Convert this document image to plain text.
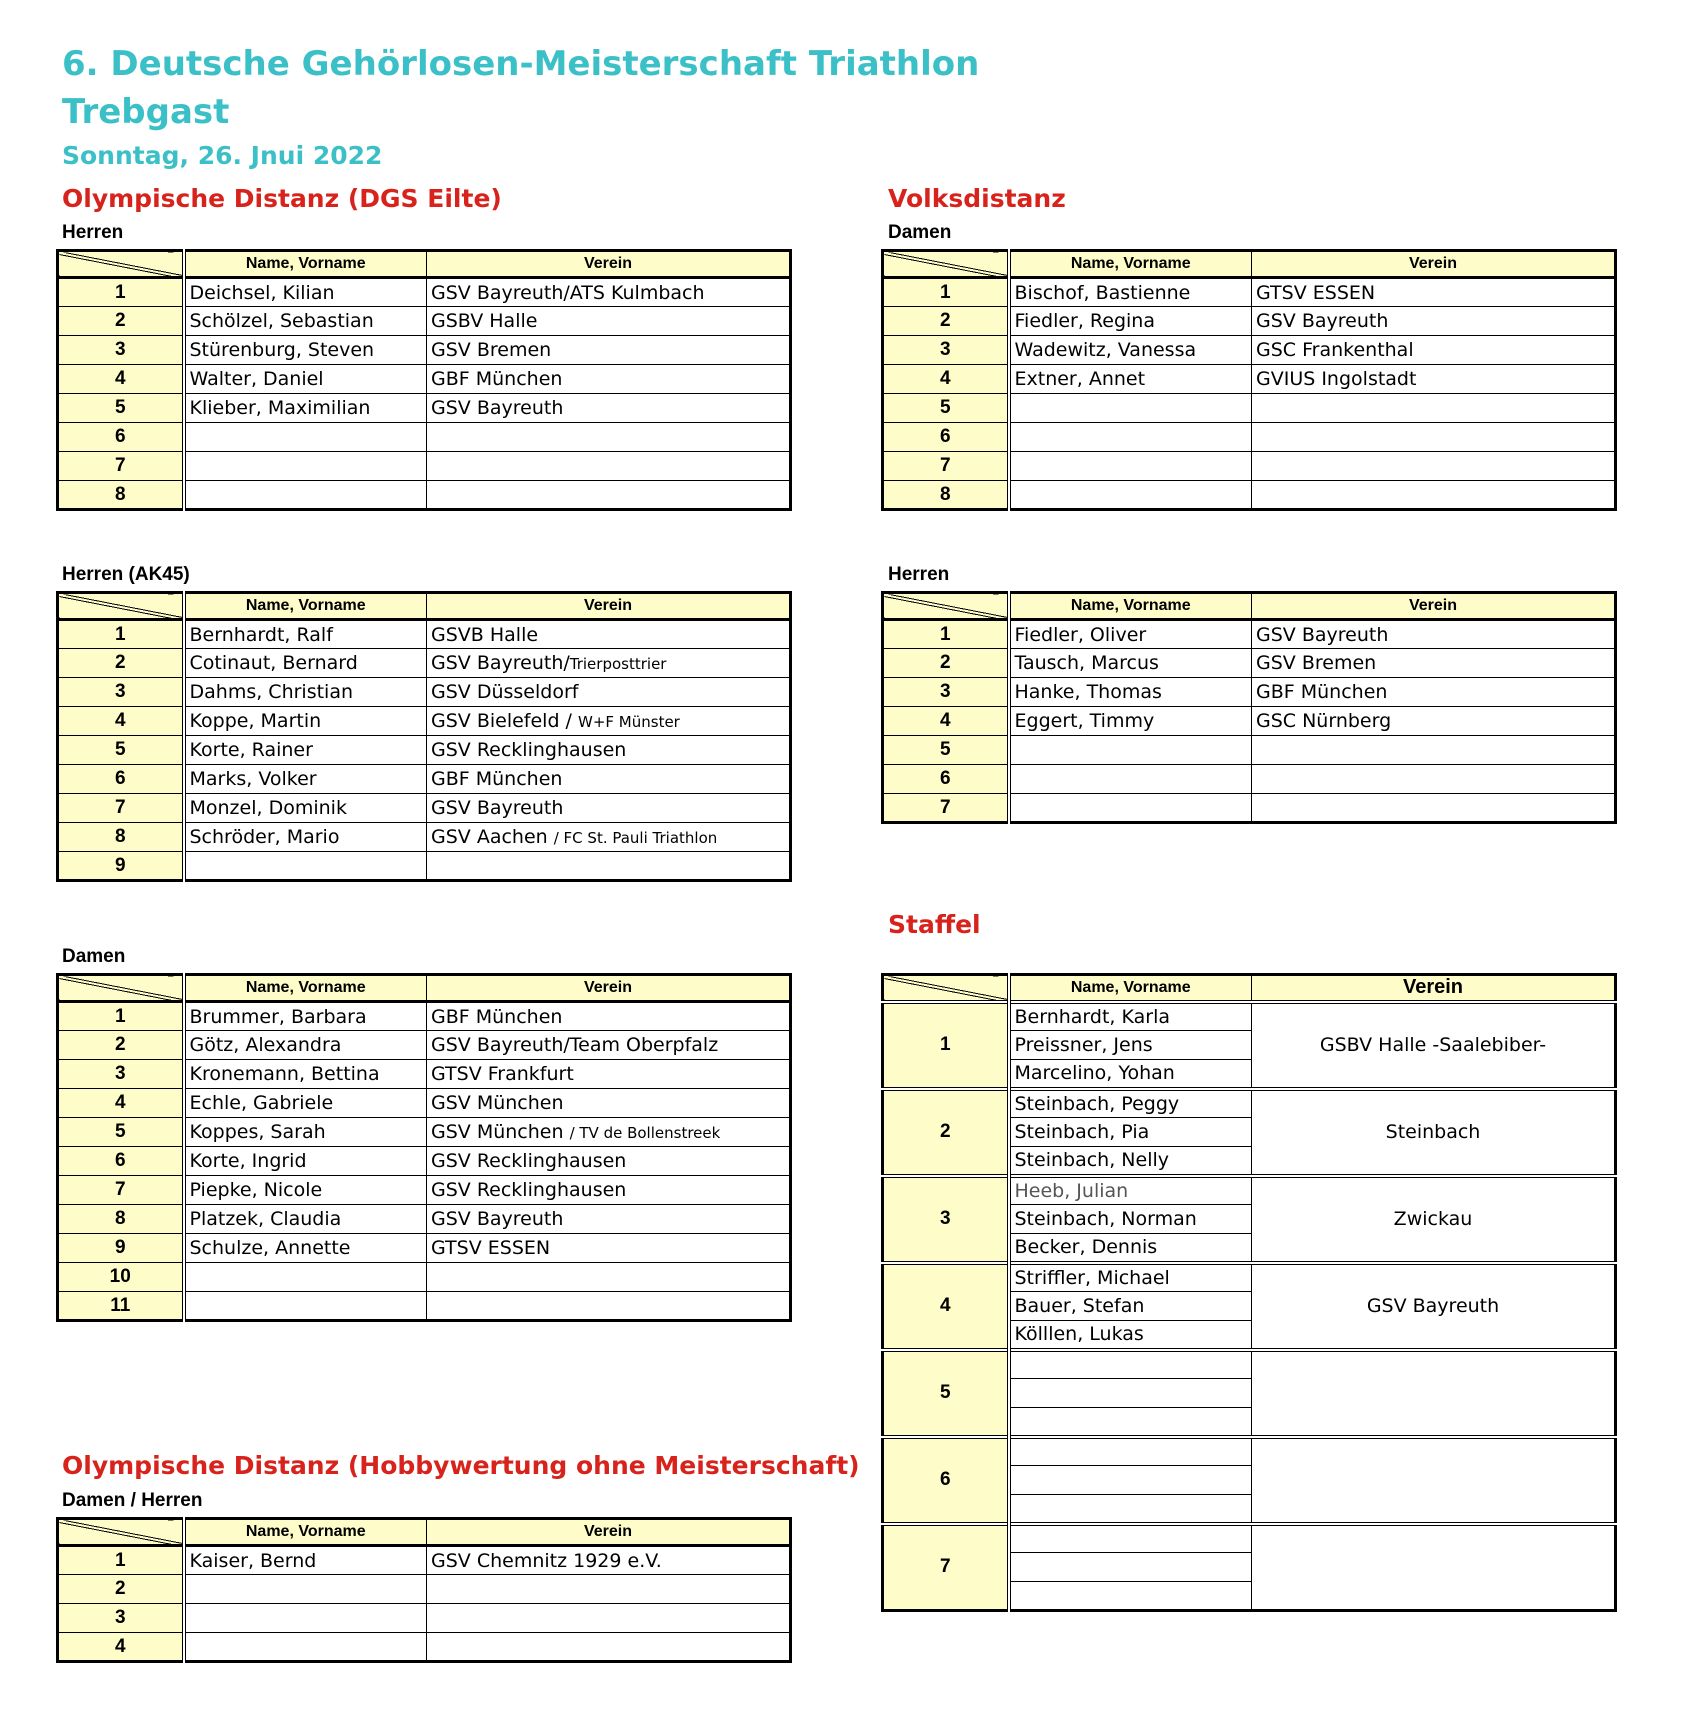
6. Deutsche Gehörlosen-Meisterschaft Triathlon
Trebgast
Sonntag, 26. Jnui 2022
Olympische Distanz (DGS Eilte)
Herren
	Name, Vorname	Verein
1	Deichsel, Kilian	GSV Bayreuth/ATS Kulmbach
2	Schölzel, Sebastian	GSBV Halle
3	Stürenburg, Steven	GSV Bremen
4	Walter, Daniel	GBF München
5	Klieber, Maximilian	GSV Bayreuth
6		
7		
8		
Herren (AK45)
	Name, Vorname	Verein
1	Bernhardt, Ralf	GSVB Halle
2	Cotinaut, Bernard	GSV Bayreuth/Trierposttrier
3	Dahms, Christian	GSV Düsseldorf
4	Koppe, Martin	GSV Bielefeld / W+F Münster
5	Korte, Rainer	GSV Recklinghausen
6	Marks, Volker	GBF München
7	Monzel, Dominik	GSV Bayreuth
8	Schröder, Mario	GSV Aachen / FC St. Pauli Triathlon
9		
Damen
	Name, Vorname	Verein
1	Brummer, Barbara	GBF München
2	Götz, Alexandra	GSV Bayreuth/Team Oberpfalz
3	Kronemann, Bettina	GTSV Frankfurt
4	Echle, Gabriele	GSV München
5	Koppes, Sarah	GSV München / TV de Bollenstreek
6	Korte, Ingrid	GSV Recklinghausen
7	Piepke, Nicole	GSV Recklinghausen
8	Platzek, Claudia	GSV Bayreuth
9	Schulze, Annette	GTSV ESSEN
10		
11		
Olympische Distanz (Hobbywertung ohne Meisterschaft)
Damen / Herren
	Name, Vorname	Verein
1	Kaiser, Bernd	GSV Chemnitz 1929 e.V.
2		
3		
4		
Volksdistanz
Damen
	Name, Vorname	Verein
1	Bischof, Bastienne	GTSV ESSEN
2	Fiedler, Regina	GSV Bayreuth
3	Wadewitz, Vanessa	GSC Frankenthal
4	Extner, Annet	GVIUS Ingolstadt
5		
6		
7		
8		
Herren
	Name, Vorname	Verein
1	Fiedler, Oliver	GSV Bayreuth
2	Tausch, Marcus	GSV Bremen
3	Hanke, Thomas	GBF München
4	Eggert, Timmy	GSC Nürnberg
5		
6		
7		
Staffel
	Name, Vorname	Verein
1	Bernhardt, Karla	GSBV Halle -Saalebiber-
	Preissner, Jens	
	Marcelino, Yohan	
2	Steinbach, Peggy	Steinbach
	Steinbach, Pia	
	Steinbach, Nelly	
3	Heeb, Julian	Zwickau
	Steinbach, Norman	
	Becker, Dennis	
4	Striffler, Michael	GSV Bayreuth
	Bauer, Stefan	
	Kölllen, Lukas	
5		

6		

7		
